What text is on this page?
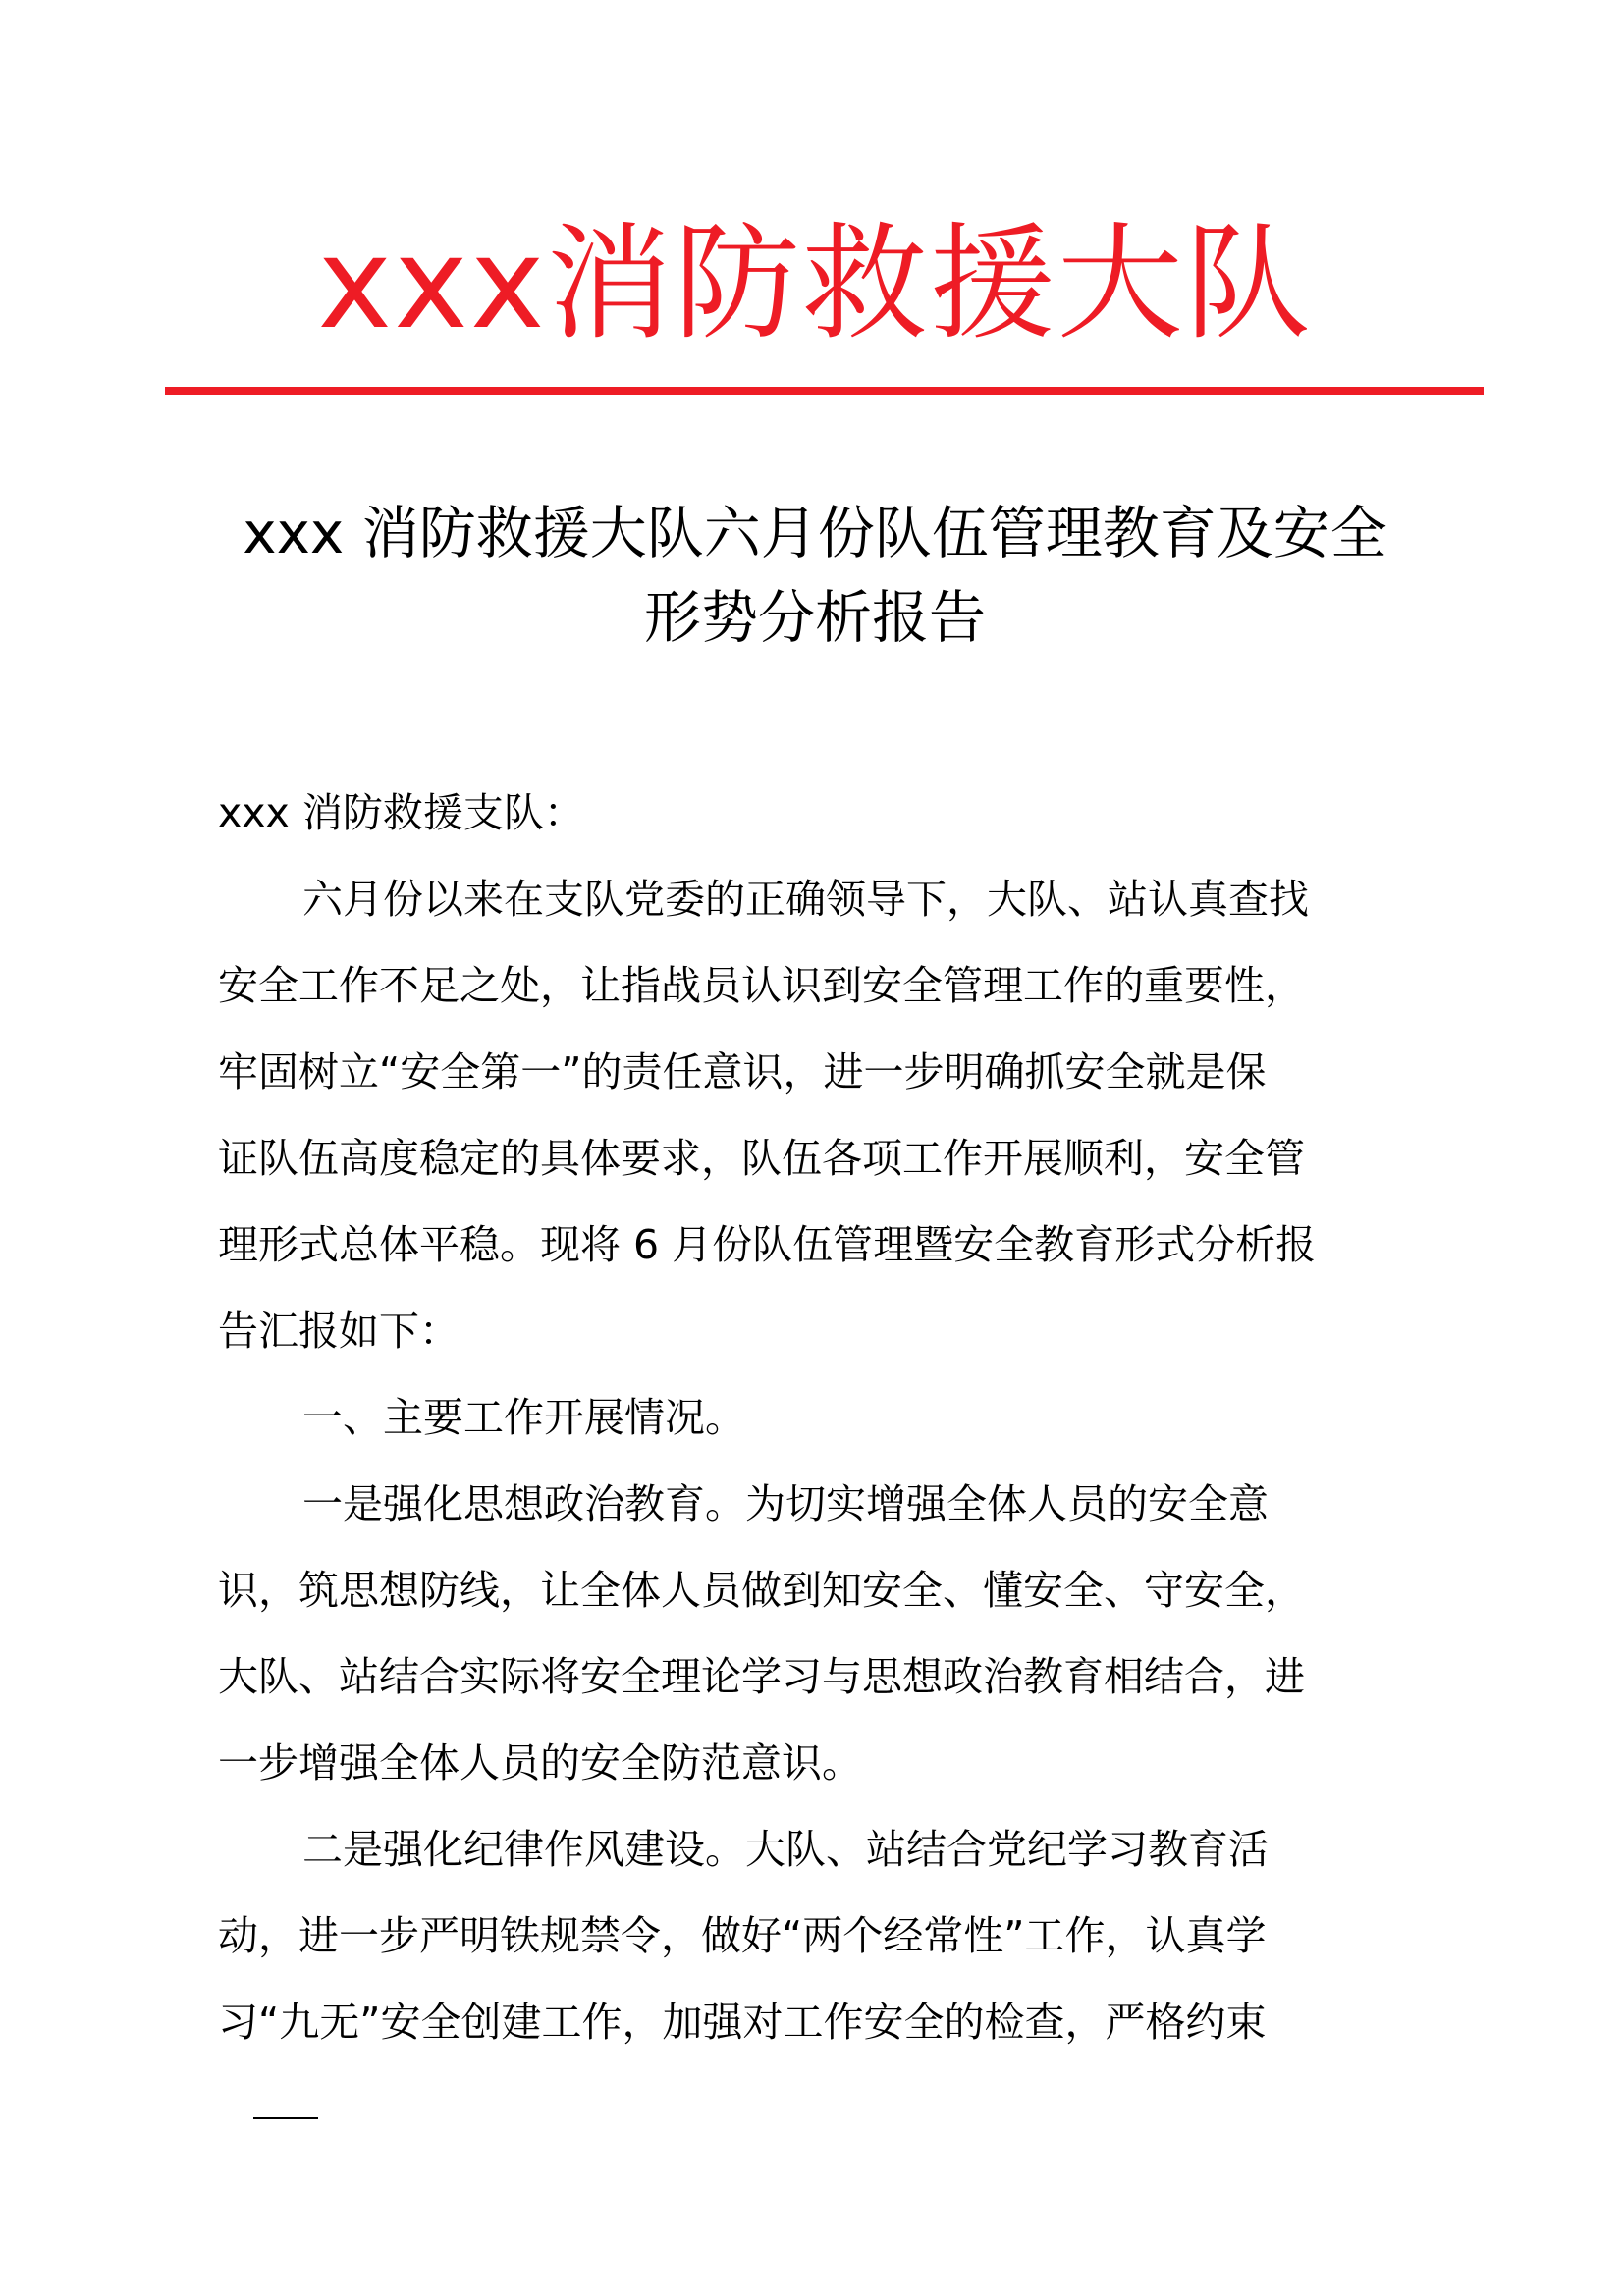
xxx消防救援大队
xxx 消防救援大队六月份队伍管理教育及安全
形势分析报告
xxx 消防救援支队：
六月份以来在支队党委的正确领导下，大队、站认真查找
安全工作不足之处，让指战员认识到安全管理工作的重要性，
牢固树立“安全第一”的责任意识，进一步明确抓安全就是保
证队伍高度稳定的具体要求，队伍各项工作开展顺利，安全管
理形式总体平稳。现将 6 月份队伍管理暨安全教育形式分析报
告汇报如下：
一、主要工作开展情况。
一是强化思想政治教育。为切实增强全体人员的安全意
识，筑思想防线，让全体人员做到知安全、懂安全、守安全，
大队、站结合实际将安全理论学习与思想政治教育相结合，进
一步增强全体人员的安全防范意识。
二是强化纪律作风建设。大队、站结合党纪学习教育活
动，进一步严明铁规禁令，做好“两个经常性”工作，认真学
习“九无”安全创建工作，加强对工作安全的检查，严格约束
